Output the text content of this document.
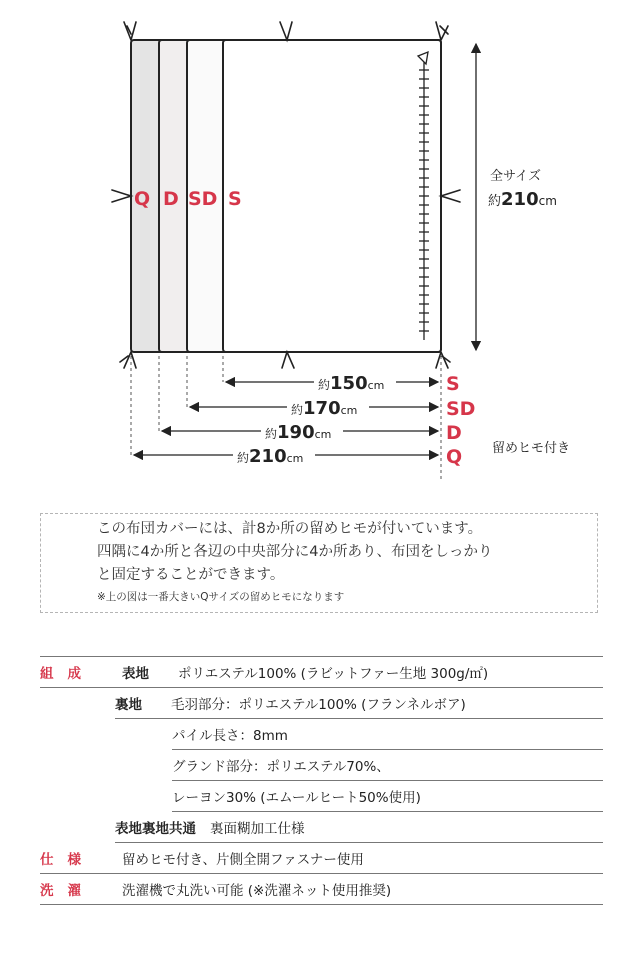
Q D SD S
全サイズ
約210cm
約150cm
約170cm
約190cm
約210cm
S
SD
D
Q 留めヒモ付き

この布団カバーには、計8か所の留めヒモが付いています。

四隅に4か所と各辺の中央部分に4か所あり、布団をしっかり

と固定することができます。

※上の図は一番大きいQサイズの留めヒモになります

組成	表地	ポリエステル100% (ラビットファー生地 300g/㎡)
裏地	毛羽部分：ポリエステル100% (フランネルボア)
パイル長さ：8mm
グランド部分：ポリエステル70%、
レーヨン30% (エムールヒート50%使用)
表地裏地共通 裏面糊加工仕様
仕様	留めヒモ付き、片側全開ファスナー使用
洗濯	洗濯機で丸洗い可能 (※洗濯ネット使用推奨)
